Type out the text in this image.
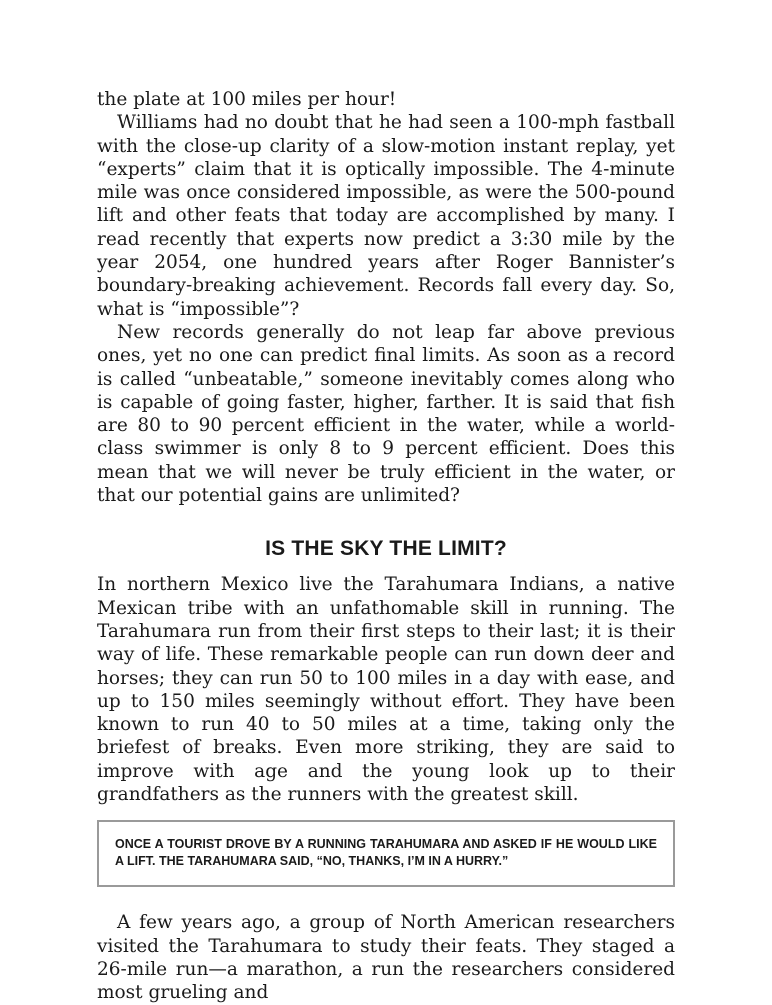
the plate at 100 miles per hour!

Williams had no doubt that he had seen a 100-mph fastball with the close-up clarity of a slow-motion instant replay, yet “experts” claim that it is optically impossible. The 4-minute mile was once considered impossible, as were the 500-pound lift and other feats that today are accomplished by many. I read recently that experts now predict a 3:30 mile by the year 2054, one hundred years after Roger Bannister’s boundary-breaking achievement. Records fall every day. So, what is “impossible”?

New records generally do not leap far above previous ones, yet no one can predict final limits. As soon as a record is called “unbeatable,” someone inevitably comes along who is capable of going faster, higher, farther. It is said that fish are 80 to 90 percent efficient in the water, while a world-class swimmer is only 8 to 9 percent efficient. Does this mean that we will never be truly efficient in the water, or that our potential gains are unlimited?

IS THE SKY THE LIMIT?

In northern Mexico live the Tarahumara Indians, a native Mexican tribe with an unfathomable skill in running. The Tarahumara run from their first steps to their last; it is their way of life. These remarkable people can run down deer and horses; they can run 50 to 100 miles in a day with ease, and up to 150 miles seemingly without effort. They have been known to run 40 to 50 miles at a time, taking only the briefest of breaks. Even more striking, they are said to improve with age and the young look up to their grandfathers as the runners with the greatest skill.

ONCE A TOURIST DROVE BY A RUNNING TARAHUMARA AND ASKED IF HE WOULD LIKE A LIFT. THE TARAHUMARA SAID, “NO, THANKS, I’M IN A HURRY.”

A few years ago, a group of North American researchers visited the Tarahumara to study their feats. They staged a 26-mile run—a marathon, a run the researchers considered most grueling and
